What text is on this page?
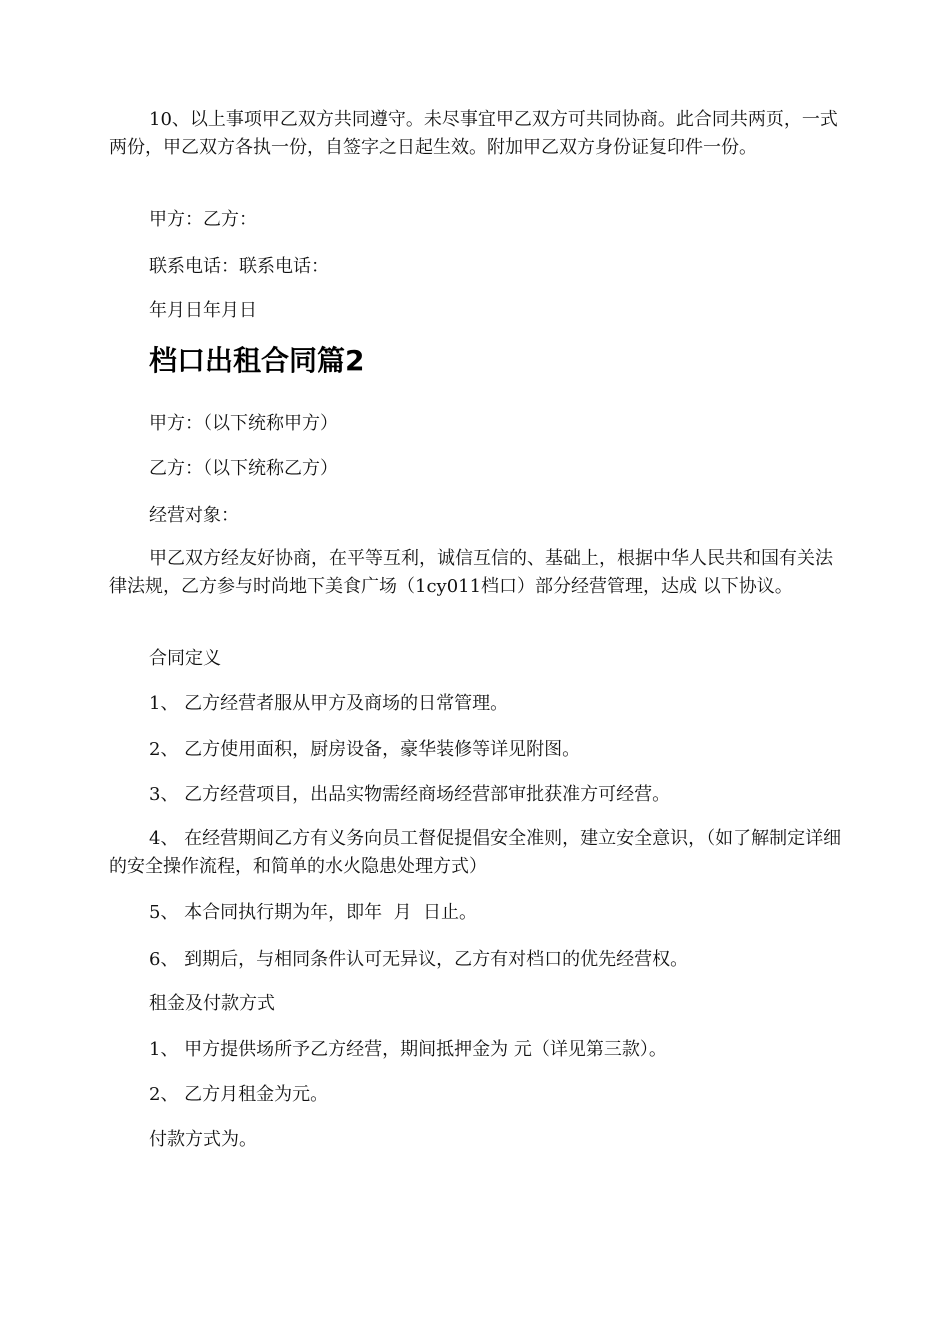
10、以上事项甲乙双方共同遵守。未尽事宜甲乙双方可共同协商。此合同共两页，一式两份，甲乙双方各执一份，自签字之日起生效。附加甲乙双方身份证复印件一份。
甲方：乙方：
联系电话：联系电话：
年月日年月日
档口出租合同篇2
甲方：（以下统称甲方）
乙方：（以下统称乙方）
经营对象：
甲乙双方经友好协商，在平等互利，诚信互信的、基础上，根据中华人民共和国有关法律法规，乙方参与时尚地下美食广场（1cy011档口）部分经营管理，达成 以下协议。
合同定义
1、 乙方经营者服从甲方及商场的日常管理。
2、 乙方使用面积，厨房设备，豪华装修等详见附图。
3、 乙方经营项目，出品实物需经商场经营部审批获准方可经营。
4、 在经营期间乙方有义务向员工督促提倡安全准则，建立安全意识，（如了解制定详细的安全操作流程，和简单的水火隐患处理方式）
5、 本合同执行期为年，即年  月  日止。
6、 到期后，与相同条件认可无异议，乙方有对档口的优先经营权。
租金及付款方式
1、 甲方提供场所予乙方经营，期间抵押金为 元（详见第三款）。
2、 乙方月租金为元。
付款方式为。
